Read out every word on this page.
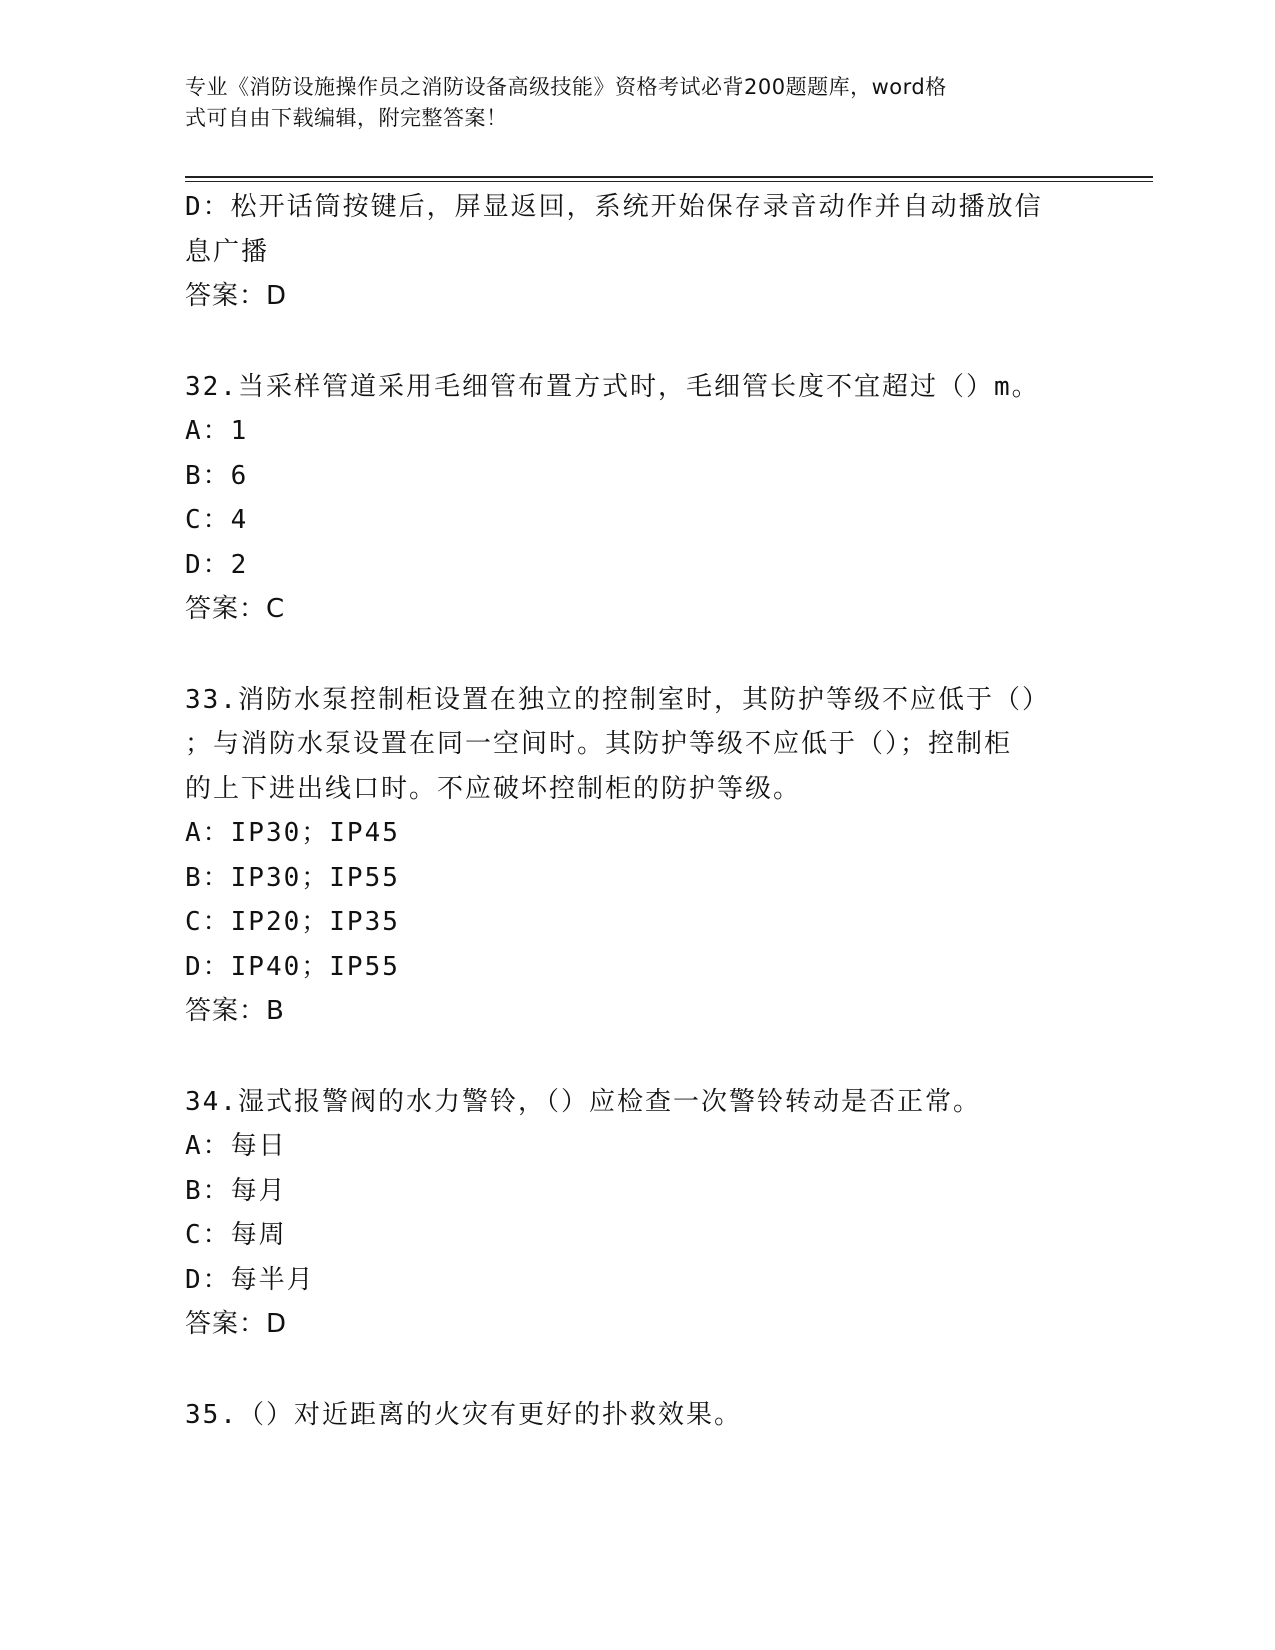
专业《消防设施操作员之消防设备高级技能》资格考试必背200题题库，word格
式可自由下载编辑，附完整答案！
D：松开话筒按键后，屏显返回，系统开始保存录音动作并自动播放信
息广播
答案：D
32.当采样管道采用毛细管布置方式时，毛细管长度不宜超过（）m。
A：1
B：6
C：4
D：2
答案：C
33.消防水泵控制柜设置在独立的控制室时，其防护等级不应低于（）
；与消防水泵设置在同一空间时。其防护等级不应低于（）；控制柜
的上下进出线口时。不应破坏控制柜的防护等级。
A：IP30；IP45
B：IP30；IP55
C：IP20；IP35
D：IP40；IP55
答案：B
34.湿式报警阀的水力警铃，（）应检查一次警铃转动是否正常。
A：每日
B：每月
C：每周
D：每半月
答案：D
35.（）对近距离的火灾有更好的扑救效果。
